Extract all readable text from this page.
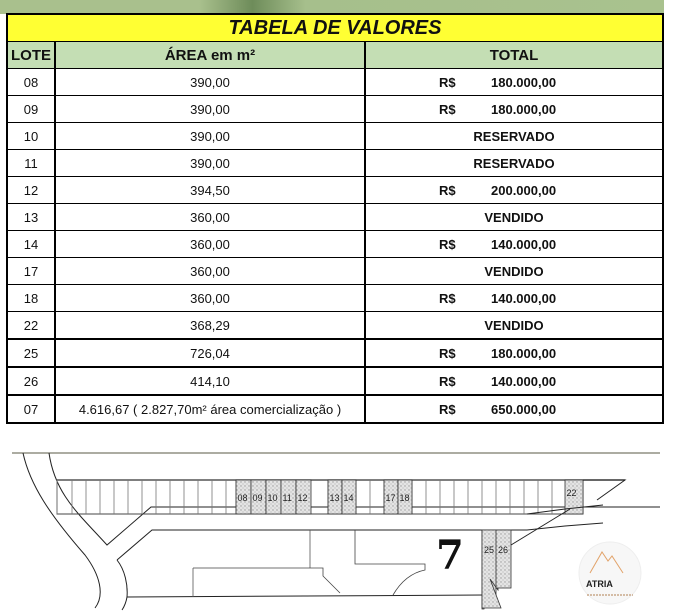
TABELA DE VALORES		
LOTE	ÁREA em m²	TOTAL
08	390,00	R$ 180.000,00
09	390,00	R$ 180.000,00
10	390,00	RESERVADO
11	390,00	RESERVADO
12	394,50	R$ 200.000,00
13	360,00	VENDIDO
14	360,00	R$ 140.000,00
17	360,00	VENDIDO
18	360,00	R$ 140.000,00
22	368,29	VENDIDO
25	726,04	R$ 180.000,00
26	414,10	R$ 140.000,00
07	4.616,67 ( 2.827,70m² área comercialização )	R$ 650.000,00
08 09 10 11 12 13 14	17 18	22
25 26
7
ATRIA
